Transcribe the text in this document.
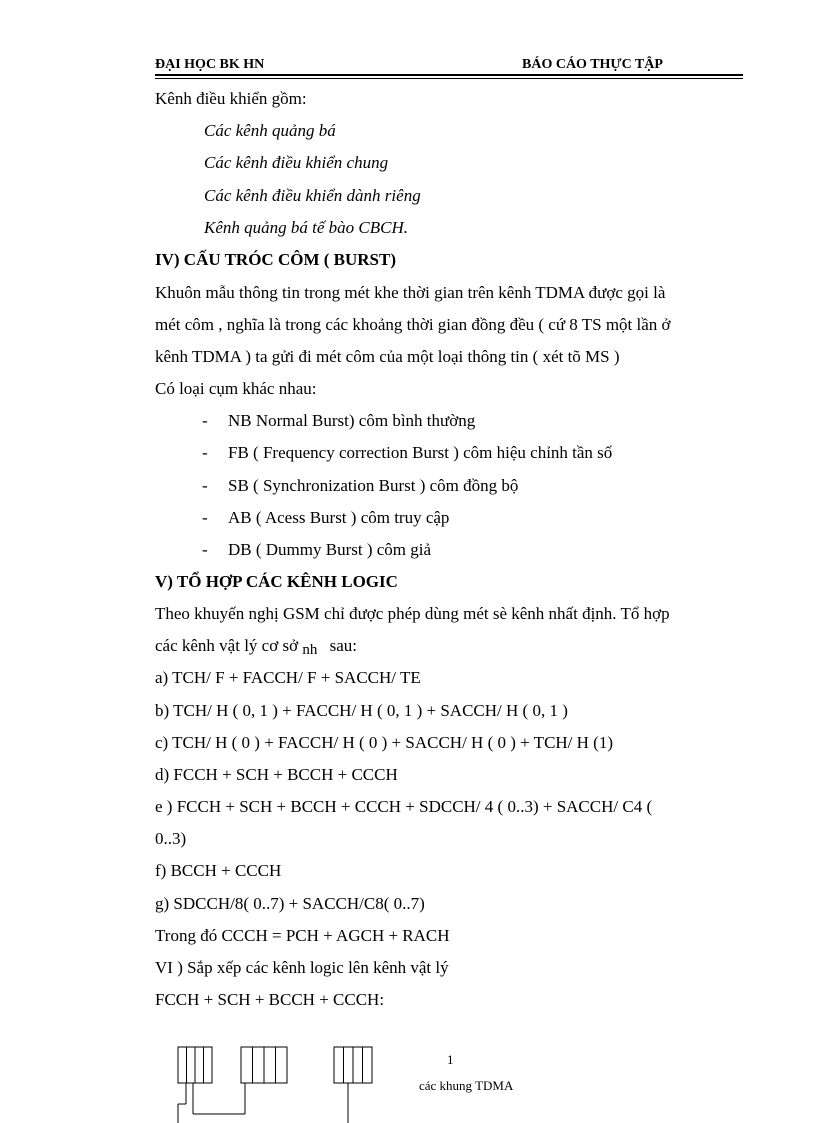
ĐẠI HỌC BK HN	BÁO CÁO THỰC TẬP
Kênh điều khiển gồm:
Các kênh quảng bá
Các kênh điều khiển chung
Các kênh điều khiển dành riêng
Kênh quảng bá tế bào CBCH.
IV) CẤU TRÓC CÔM ( BURST)
Khuôn mẫu thông tin trong mét khe thời gian trên kênh TDMA được gọi là
mét côm , nghĩa là trong các khoảng thời gian đồng đều ( cứ 8 TS một lần ở
kênh TDMA ) ta gửi đi mét côm của một loại thông tin ( xét tõ MS )
Có loại cụm khác nhau:
- NB Normal Burst) côm bình thường
- FB ( Frequency correction Burst ) côm hiệu chỉnh tần số
- SB ( Synchronization Burst ) côm đồng bộ
- AB ( Acess Burst ) côm truy cập
- DB ( Dummy Burst ) côm giả
V) TỔ HỢP CÁC KÊNH LOGIC
Theo khuyến nghị GSM chỉ được phép dùng mét sè kênh nhất định. Tổ hợp
các kênh vật lý cơ sở nh sau:
a) TCH/ F + FACCH/ F + SACCH/ TE
b) TCH/ H ( 0, 1 ) + FACCH/ H ( 0, 1 ) + SACCH/ H ( 0, 1 )
c) TCH/ H ( 0 ) + FACCH/ H ( 0 ) + SACCH/ H ( 0 ) + TCH/ H (1)
d) FCCH + SCH + BCCH + CCCH
e ) FCCH + SCH + BCCH + CCCH + SDCCH/ 4 ( 0..3) + SACCH/ C4 (
0..3)
f) BCCH + CCCH
g) SDCCH/8( 0..7) + SACCH/C8( 0..7)
Trong đó CCCH = PCH + AGCH + RACH
VI ) Sắp xếp các kênh logic lên kênh vật lý
FCCH + SCH + BCCH + CCCH:
1
các khung TDMA
